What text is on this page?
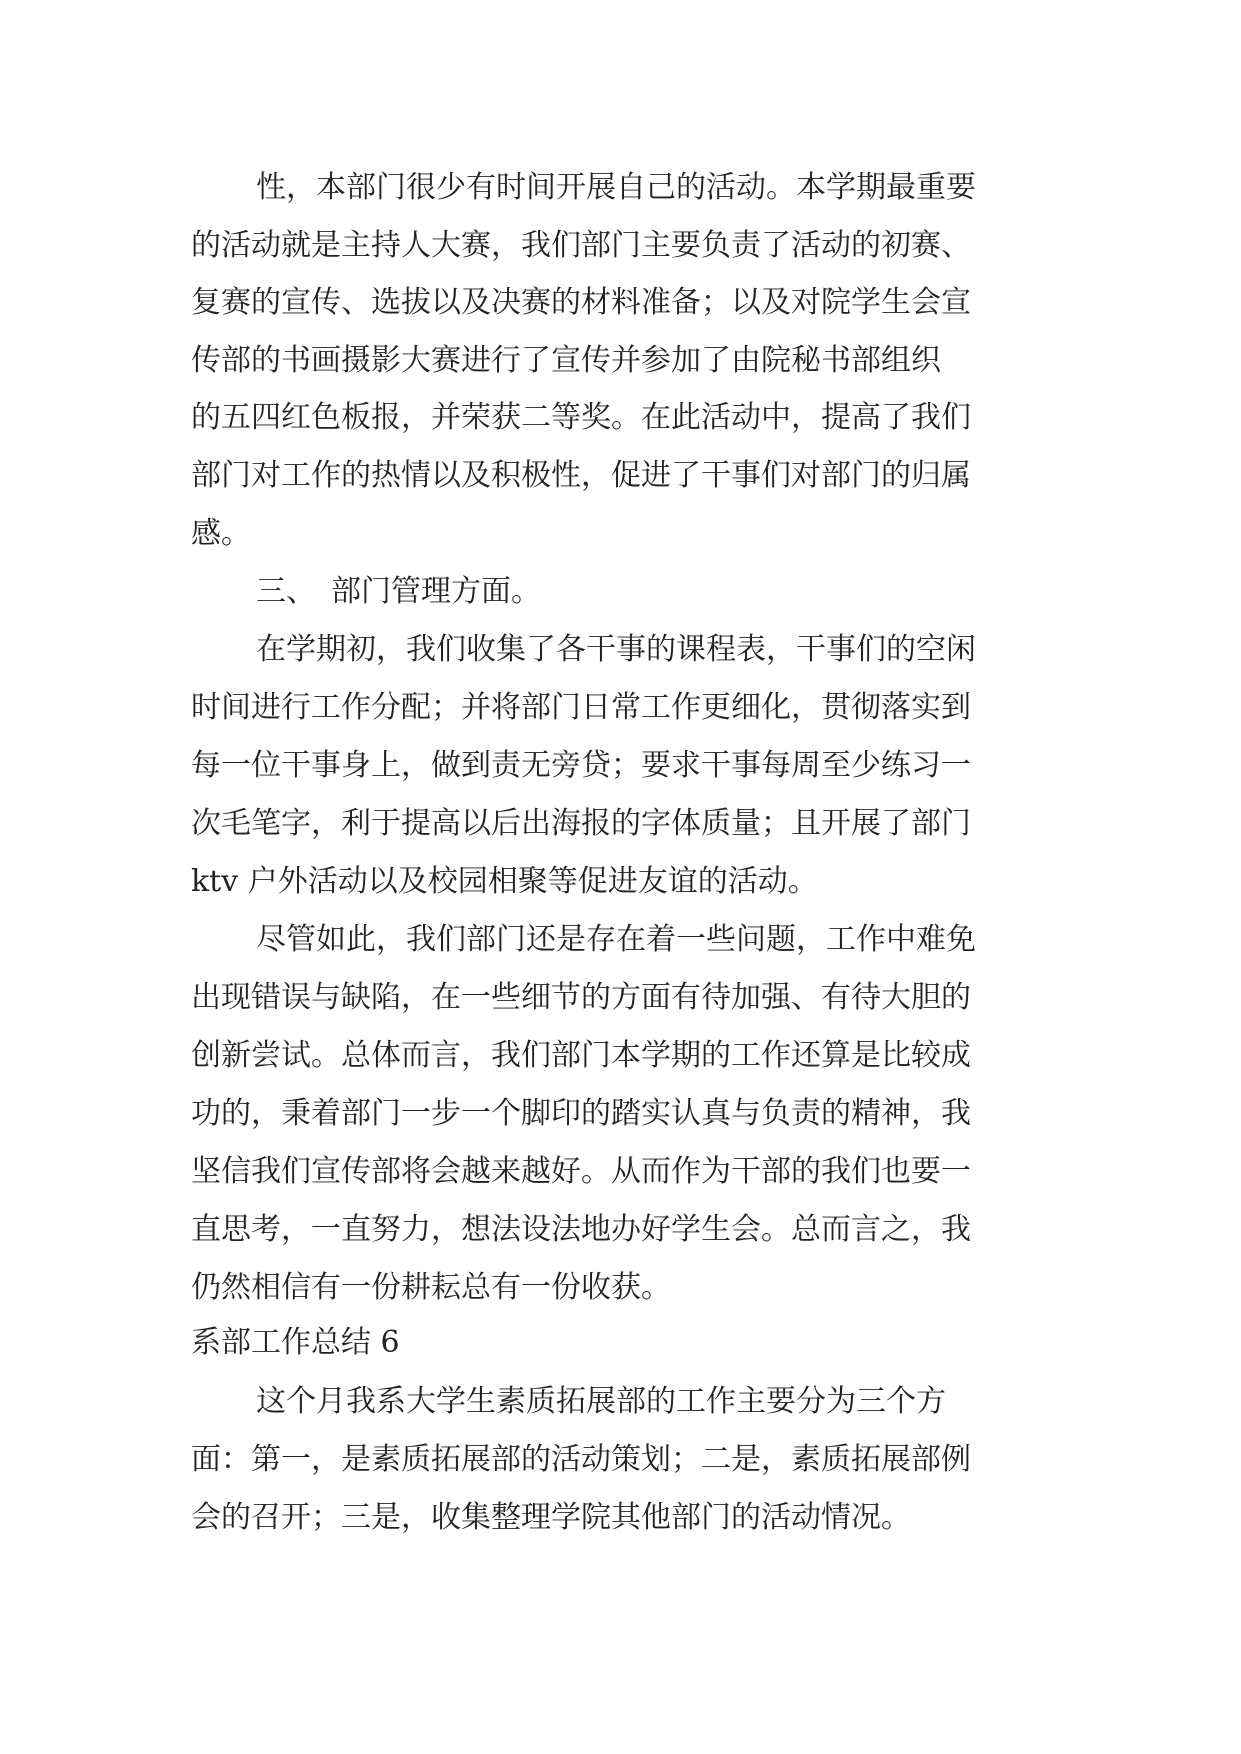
性，本部门很少有时间开展自己的活动。本学期最重要
的活动就是主持人大赛，我们部门主要负责了活动的初赛、
复赛的宣传、选拔以及决赛的材料准备；以及对院学生会宣
传部的书画摄影大赛进行了宣传并参加了由院秘书部组织
的五四红色板报，并荣获二等奖。在此活动中，提高了我们
部门对工作的热情以及积极性，促进了干事们对部门的归属
感。
三、　部门管理方面。
在学期初，我们收集了各干事的课程表，干事们的空闲
时间进行工作分配；并将部门日常工作更细化，贯彻落实到
每一位干事身上，做到责无旁贷；要求干事每周至少练习一
次毛笔字，利于提高以后出海报的字体质量；且开展了部门
ktv 户外活动以及校园相聚等促进友谊的活动。
尽管如此，我们部门还是存在着一些问题，工作中难免
出现错误与缺陷，在一些细节的方面有待加强、有待大胆的
创新尝试。总体而言，我们部门本学期的工作还算是比较成
功的，秉着部门一步一个脚印的踏实认真与负责的精神，我
坚信我们宣传部将会越来越好。从而作为干部的我们也要一
直思考，一直努力，想法设法地办好学生会。总而言之，我
仍然相信有一份耕耘总有一份收获。
系部工作总结 6
这个月我系大学生素质拓展部的工作主要分为三个方
面：第一，是素质拓展部的活动策划；二是，素质拓展部例
会的召开；三是，收集整理学院其他部门的活动情况。
